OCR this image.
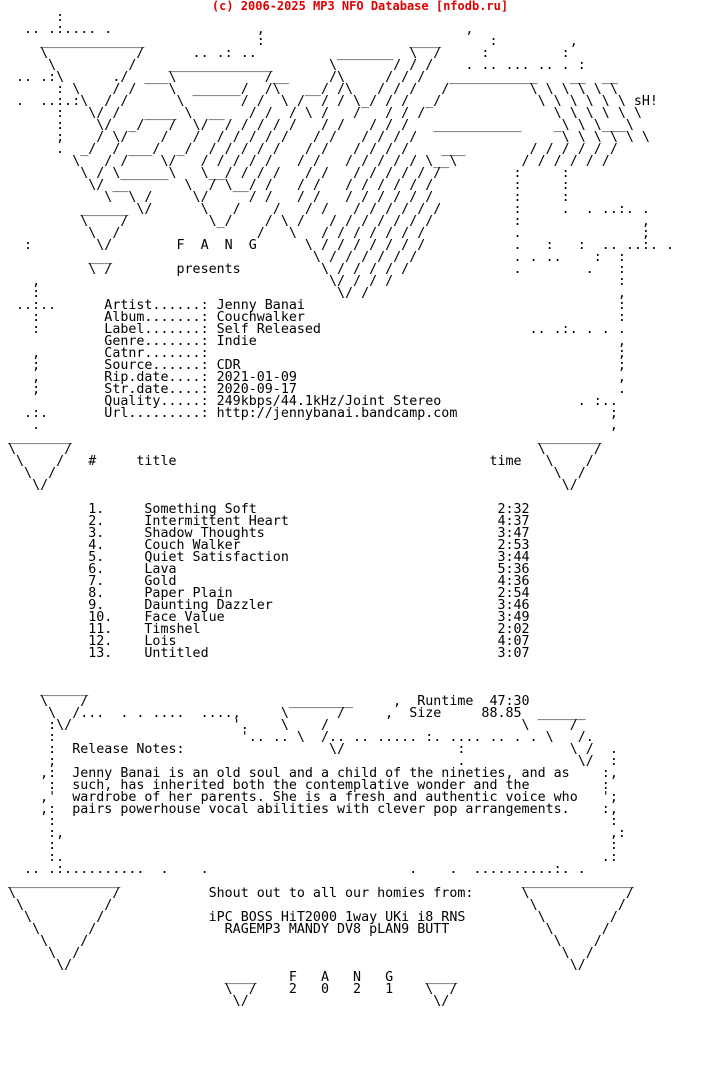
(c) 2006-2025 MP3 NFO Database [nfodb.ru]
:
.. .:.... .                  ,                         ,
_____________              :                  ____      :         ,
\           /      .. .: ..          _______  \  /     :         :
\         /    _____________       \       / / /    . .. ... .. . :
.. .:\      ./  ___\           /__     /\     / / /   ___________    __  __
: \    / /    \  ______/  /\   __/ /\   / / /   /          \ \ \ \ \ \
.  ..:.:\  / /      \       / /  \ /  / / \_/ / /  _/            \ \ \ \ \ \ sH!
:   \/ /   ____ \  __   / /  / \ /   /   / / /                \ \ \ \ \ \
:    \/  _/   /  \/  / / / / /   / /   / / /   ___________    _\ \ \___\
;    / \/    /   /  / / / / /   / /   / / / /                  \ \ \ \ \ \
.  _/  / ___/  _/  / / / / /   / /   / / / /    ___        / / / / / /
\   / /    \/   / / / / /   / /   / / / / / \__\        / / / / / /
\ / \______\   \__/ / / /   / /   / / / / / /         :     :
\/ __       \  / \__/ /   / /   / / / / / /          :     :
\  \ /     \/     / /   / /   / / / / / /          :     :
______ \/      \   /    /   / /   / / / / / /         :     .  . ..:. .
\    /          \_/    / \ /   / / / / / / /          :               ,
\  /                 /   \   / / / / / / /           .               ;
:        \/        F  A  N  G      \ / / / / / / /           .   :   :  .. ..:. .
___                         \ / / / / / /            . . ..    :  :
\ /        presents          \ / / / / /             .        .   :
,                                    \/ / / /                            :
:                                     \/ /                               ,
..:..      Artist......: Jenny Banai                                       :
:        Album.......: Couchwalker                                       :
:        Label.......: Self Released                          .. .:. . . .
Genre.......: Indie                                             ,
,        Catnr.......:                                                   ;
;        Source......: CDR                                               ;
,        Rip.date....: 2021-01-09                                        ,
;        Str.date....: 2020-09-17                                        .
Quality.....: 249kbps/44.1kHz/Joint Stereo                 . :..
.:.       Url.........: http://jennybanai.bandcamp.com                   ;
.                                                                       ,
________                                                          ________
\      /                                                          \      /
\    /   #     title                                       time   \    /
\  /                                                              \  /
\/                                                                \/

1.     Something Soft                              2:32
2.     Intermittent Heart                          4:37
3.     Shadow Thoughts                             3:47
4.     Couch Walker                                2:53
5.     Quiet Satisfaction                          3:44
6.     Lava                                        5:36
7.     Gold                                        4:36
8.     Paper Plain                                 2:54
9.     Daunting Dazzler                            3:46
10.    Face Value                                  3:49
11.    Timshel                                     2:02
12.    Lois                                        4:07
13.    Untitled                                    3:07

______
\    /                         ________     ,  Runtime  47:30
\  /...  . . ....  ....,     \      /     ,  Size     88.85  ______
:\/                    '.    \    /                        \     /
:                       '.. .. \  /.. .. ..... :. .... .. . . \   /.
:  Release Notes:                  \/              :             \ /  .
;                                                  .              \/  :
,:  Jenny Banai is an old soul and a child of the nineties, and as    :,
:  such, has inherited both the contemplative wonder and the         :
,'  wardrobe of her parents. She is a fresh and authentic voice who   ';
,:  pairs powerhouse vocal abilities with clever pop arrangements.    :,
:                                                                     :
:,                                                                    ,:
:                                                                     :
:.                                                                   .:
.. .:..........  .    .                         .    .  ..........:. .
______________                                                  ______________
\            /           Shout out to all our homies from:      \            /
\          /                                                    \          /
\        /             iPC BOSS HiT2000 1way UKi i8 RNS         \        /
\      /                RAGEMP3 MANDY DV8 pLAN9 BUTT            \      /
\    /                                                          \    /
\  /                                                            \  /
\/                                                              \/
____    F   A   N   G    ____
\  /    2   0   2   1    \  /
\/                       \/
